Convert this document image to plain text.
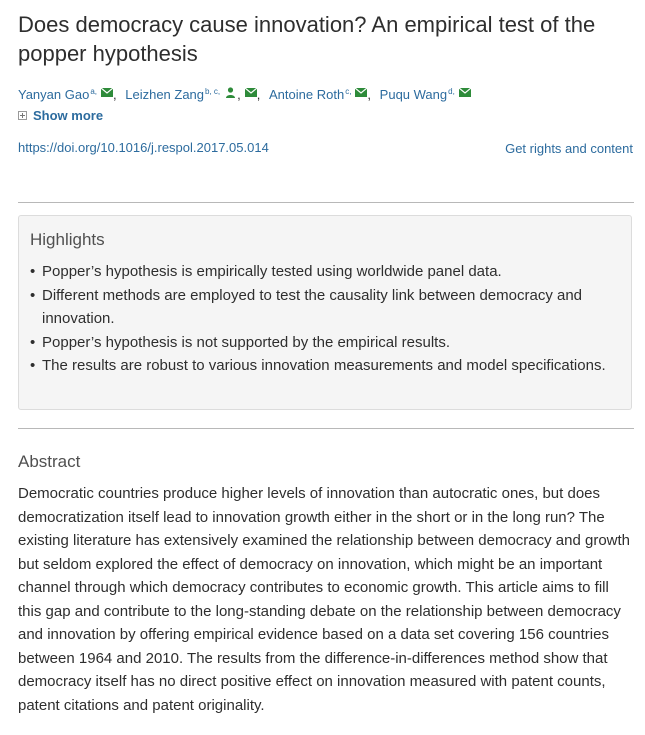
Does democracy cause innovation? An empirical test of the popper hypothesis
Yanyan Gao a, , Leizhen Zang b, c, , , Antoine Roth c, , Puqu Wang d,
Show more
https://doi.org/10.1016/j.respol.2017.05.014	Get rights and content
Highlights
• Popper’s hypothesis is empirically tested using worldwide panel data.
• Different methods are employed to test the causality link between democracy and innovation.
• Popper’s hypothesis is not supported by the empirical results.
• The results are robust to various innovation measurements and model specifications.
Abstract

Democratic countries produce higher levels of innovation than autocratic ones, but does democratization itself lead to innovation growth either in the short or in the long run? The existing literature has extensively examined the relationship between democracy and growth but seldom explored the effect of democracy on innovation, which might be an important channel through which democracy contributes to economic growth. This article aims to fill this gap and contribute to the long-standing debate on the relationship between democracy and innovation by offering empirical evidence based on a data set covering 156 countries between 1964 and 2010. The results from the difference-in-differences method show that democracy itself has no direct positive effect on innovation measured with patent counts, patent citations and patent originality.
